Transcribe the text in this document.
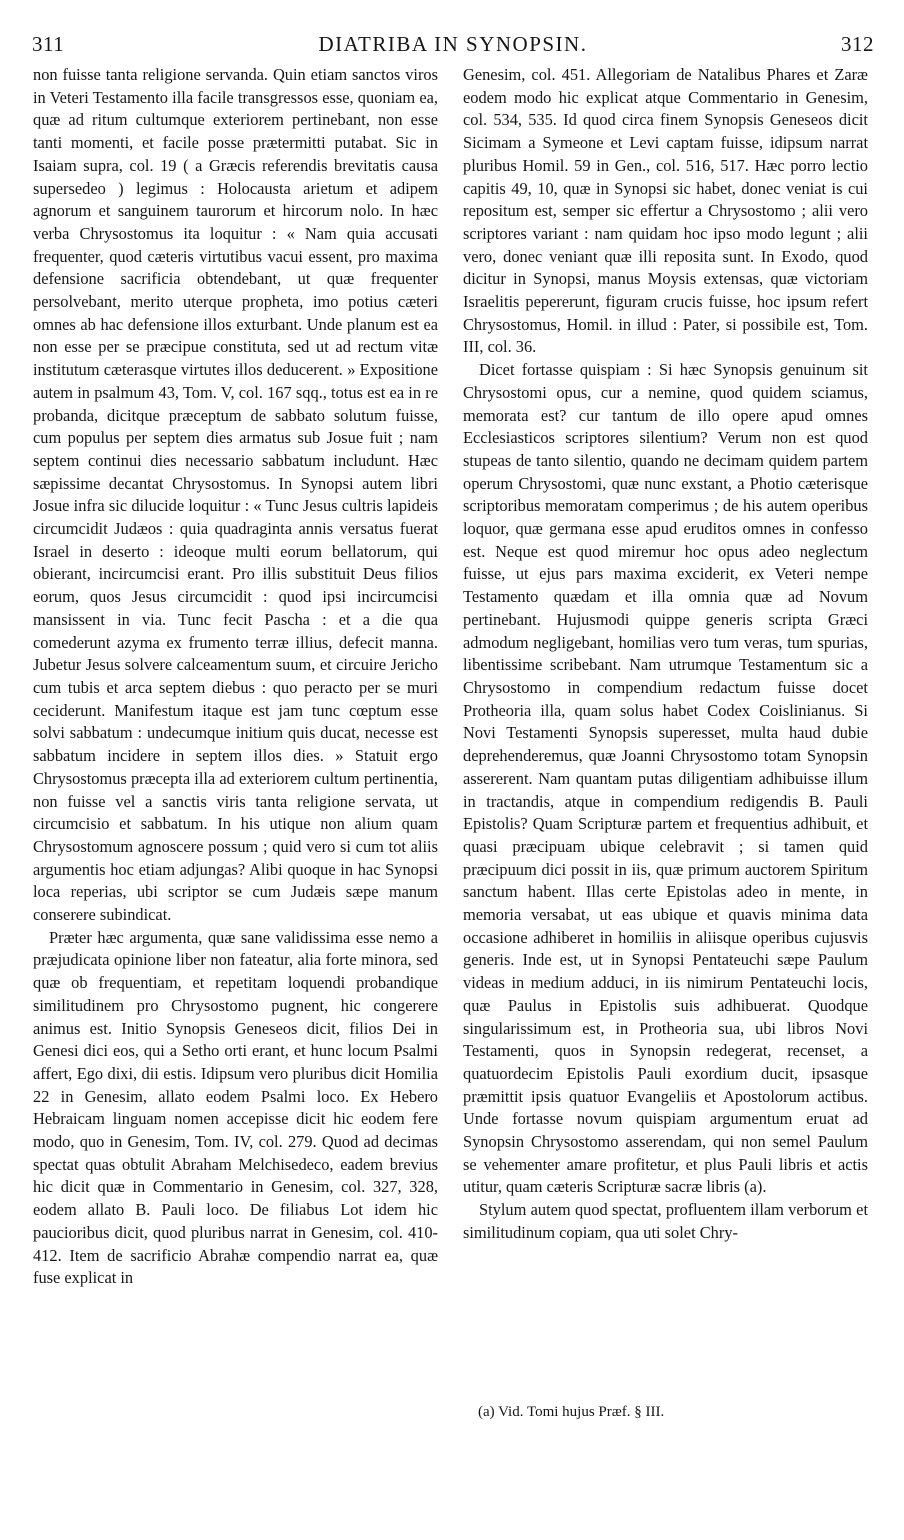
311	DIATRIBA IN SYNOPSIN.	312

non fuisse tanta religione servanda. Quin etiam sanctos viros in Veteri Testamento illa facile transgressos esse, quoniam ea, quæ ad ritum cultumque exteriorem pertinebant, non esse tanti momenti, et facile posse prætermitti putabat. Sic in Isaiam supra, col. 19 ( a Græcis referendis brevitatis causa supersedeo ) legimus : Holocausta arietum et adipem agnorum et sanguinem taurorum et hircorum nolo. In hæc verba Chrysostomus ita loquitur : « Nam quia accusati frequenter, quod cæteris virtutibus vacui essent, pro maxima defensione sacrificia obtendebant, ut quæ frequenter persolvebant, merito uterque propheta, imo potius cæteri omnes ab hac defensione illos exturbant. Unde planum est ea non esse per se præcipue constituta, sed ut ad rectum vitæ institutum cæterasque virtutes illos deducerent. » Expositione autem in psalmum 43, Tom. V, col. 167 sqq., totus est ea in re probanda, dicitque præceptum de sabbato solutum fuisse, cum populus per septem dies armatus sub Josue fuit ; nam septem continui dies necessario sabbatum includunt. Hæc sæpissime decantat Chrysostomus. In Synopsi autem libri Josue infra sic dilucide loquitur : « Tunc Jesus cultris lapideis circumcidit Judæos : quia quadraginta annis versatus fuerat Israel in deserto : ideoque multi eorum bellatorum, qui obierant, incircumcisi erant. Pro illis substituit Deus filios eorum, quos Jesus circumcidit : quod ipsi incircumcisi mansissent in via. Tunc fecit Pascha : et a die qua comederunt azyma ex frumento terræ illius, defecit manna. Jubetur Jesus solvere calceamentum suum, et circuire Jericho cum tubis et arca septem diebus : quo peracto per se muri ceciderunt. Manifestum itaque est jam tunc cœptum esse solvi sabbatum : undecumque initium quis ducat, necesse est sabbatum incidere in septem illos dies. » Statuit ergo Chrysostomus præcepta illa ad exteriorem cultum pertinentia, non fuisse vel a sanctis viris tanta religione servata, ut circumcisio et sabbatum. In his utique non alium quam Chrysostomum agnoscere possum ; quid vero si cum tot aliis argumentis hoc etiam adjungas? Alibi quoque in hac Synopsi loca reperias, ubi scriptor se cum Judæis sæpe manum conserere subindicat.

Præter hæc argumenta, quæ sane validissima esse nemo a præjudicata opinione liber non fateatur, alia forte minora, sed quæ ob frequentiam, et repetitam loquendi probandique similitudinem pro Chrysostomo pugnent, hic congerere animus est. Initio Synopsis Geneseos dicit, filios Dei in Genesi dici eos, qui a Setho orti erant, et hunc locum Psalmi affert, Ego dixi, dii estis. Idipsum vero pluribus dicit Homilia 22 in Genesim, allato eodem Psalmi loco. Ex Hebero Hebraicam linguam nomen accepisse dicit hic eodem fere modo, quo in Genesim, Tom. IV, col. 279. Quod ad decimas spectat quas obtulit Abraham Melchisedeco, eadem brevius hic dicit quæ in Commentario in Genesim, col. 327, 328, eodem allato B. Pauli loco. De filiabus Lot idem hic paucioribus dicit, quod pluribus narrat in Genesim, col. 410-412. Item de sacrificio Abrahæ compendio narrat ea, quæ fuse explicat in

Genesim, col. 451. Allegoriam de Natalibus Phares et Zaræ eodem modo hic explicat atque Commentario in Genesim, col. 534, 535. Id quod circa finem Synopsis Geneseos dicit Sicimam a Symeone et Levi captam fuisse, idipsum narrat pluribus Homil. 59 in Gen., col. 516, 517. Hæc porro lectio capitis 49, 10, quæ in Synopsi sic habet, donec veniat is cui repositum est, semper sic effertur a Chrysostomo ; alii vero scriptores variant : nam quidam hoc ipso modo legunt ; alii vero, donec veniant quæ illi reposita sunt. In Exodo, quod dicitur in Synopsi, manus Moysis extensas, quæ victoriam Israelitis pepererunt, figuram crucis fuisse, hoc ipsum refert Chrysostomus, Homil. in illud : Pater, si possibile est, Tom. III, col. 36.

Dicet fortasse quispiam : Si hæc Synopsis genuinum sit Chrysostomi opus, cur a nemine, quod quidem sciamus, memorata est? cur tantum de illo opere apud omnes Ecclesiasticos scriptores silentium? Verum non est quod stupeas de tanto silentio, quando ne decimam quidem partem operum Chrysostomi, quæ nunc exstant, a Photio cæterisque scriptoribus memoratam comperimus ; de his autem operibus loquor, quæ germana esse apud eruditos omnes in confesso est. Neque est quod miremur hoc opus adeo neglectum fuisse, ut ejus pars maxima exciderit, ex Veteri nempe Testamento quædam et illa omnia quæ ad Novum pertinebant. Hujusmodi quippe generis scripta Græci admodum negligebant, homilias vero tum veras, tum spurias, libentissime scribebant. Nam utrumque Testamentum sic a Chrysostomo in compendium redactum fuisse docet Protheoria illa, quam solus habet Codex Coislinianus. Si Novi Testamenti Synopsis superesset, multa haud dubie deprehenderemus, quæ Joanni Chrysostomo totam Synopsin assererent. Nam quantam putas diligentiam adhibuisse illum in tractandis, atque in compendium redigendis B. Pauli Epistolis? Quam Scripturæ partem et frequentius adhibuit, et quasi præcipuam ubique celebravit ; si tamen quid præcipuum dici possit in iis, quæ primum auctorem Spiritum sanctum habent. Illas certe Epistolas adeo in mente, in memoria versabat, ut eas ubique et quavis minima data occasione adhiberet in homiliis in aliisque operibus cujusvis generis. Inde est, ut in Synopsi Pentateuchi sæpe Paulum videas in medium adduci, in iis nimirum Pentateuchi locis, quæ Paulus in Epistolis suis adhibuerat. Quodque singularissimum est, in Protheoria sua, ubi libros Novi Testamenti, quos in Synopsin redegerat, recenset, a quatuordecim Epistolis Pauli exordium ducit, ipsasque præmittit ipsis quatuor Evangeliis et Apostolorum actibus. Unde fortasse novum quispiam argumentum eruat ad Synopsin Chrysostomo asserendam, qui non semel Paulum se vehementer amare profitetur, et plus Pauli libris et actis utitur, quam cæteris Scripturæ sacræ libris (a).

Stylum autem quod spectat, profluentem illam verborum et similitudinum copiam, qua uti solet Chry-

(a) Vid. Tomi hujus Præf. § III.
